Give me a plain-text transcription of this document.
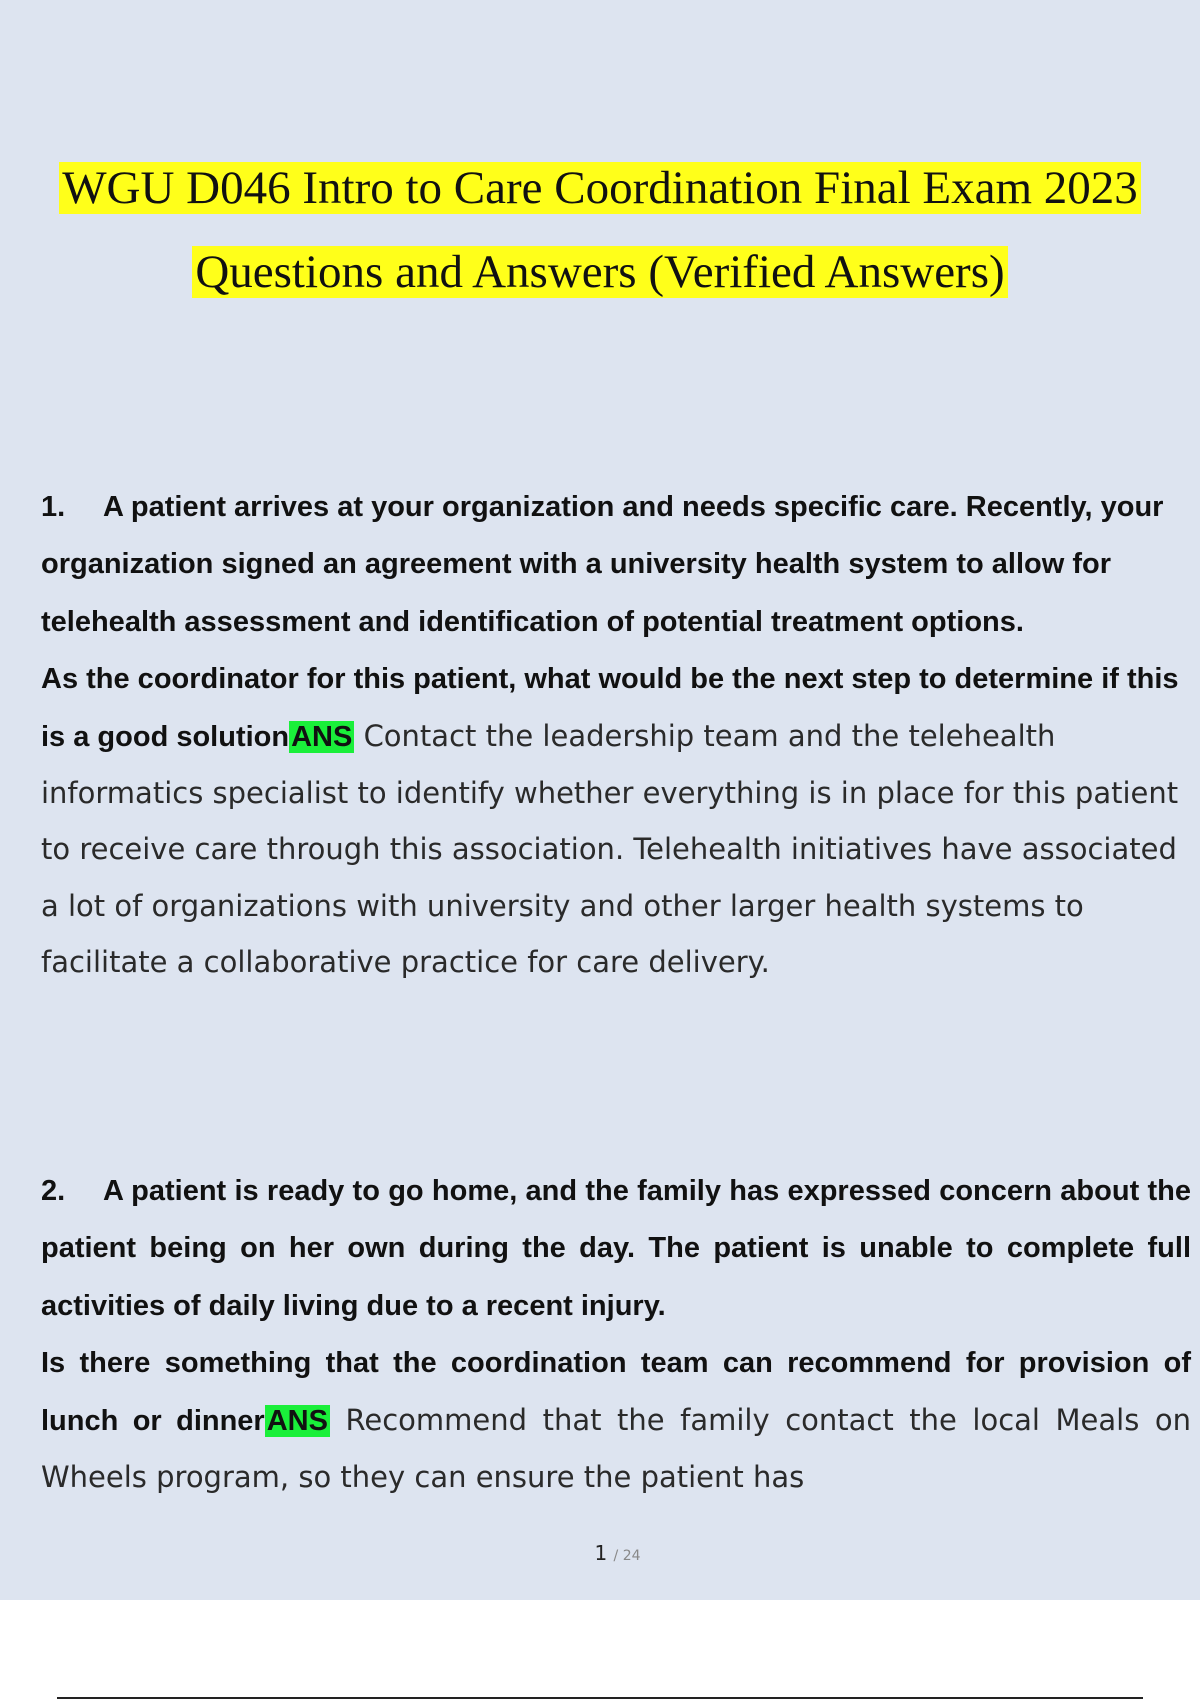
WGU D046 Intro to Care Coordination Final Exam 2023
Questions and Answers (Verified Answers)

1. A patient arrives at your organization and needs specific care. Recently, your organization signed an agreement with a university health system to allow for telehealth assessment and identification of potential treatment options.
As the coordinator for this patient, what would be the next step to determine if this is a good solutionANS Contact the leadership team and the telehealth informatics specialist to identify whether everything is in place for this patient to receive care through this association. Telehealth initiatives have associated a lot of organizations with university and other larger health systems to facilitate a collaborative practice for care delivery.

2. A patient is ready to go home, and the family has expressed concern about the patient being on her own during the day. The patient is unable to complete full activities of daily living due to a recent injury.
Is there something that the coordination team can recommend for provision of lunch or dinnerANS Recommend that the family contact the local Meals on Wheels program, so they can ensure the patient has

1 / 24
